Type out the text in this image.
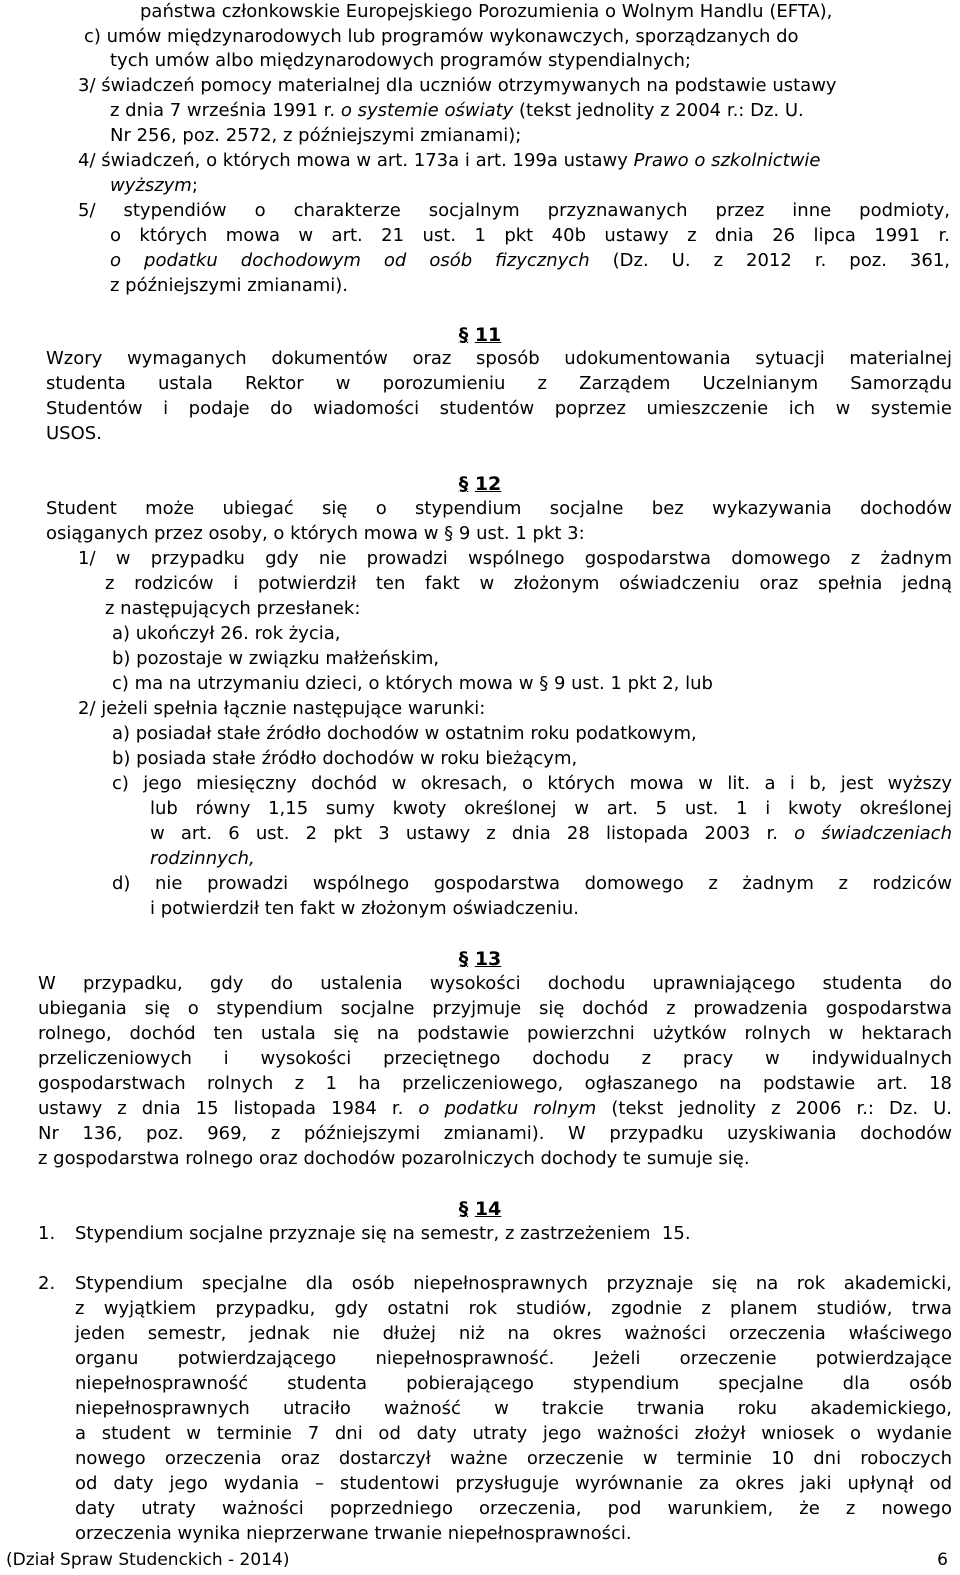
państwa członkowskie Europejskiego Porozumienia o Wolnym Handlu (EFTA),
c) umów międzynarodowych lub programów wykonawczych, sporządzanych do
tych umów albo międzynarodowych programów stypendialnych;
3/ świadczeń pomocy materialnej dla uczniów otrzymywanych na podstawie ustawy
z dnia 7 września 1991 r. o systemie oświaty (tekst jednolity z 2004 r.: Dz. U.
Nr 256, poz. 2572, z późniejszymi zmianami);
4/ świadczeń, o których mowa w art. 173a i art. 199a ustawy Prawo o szkolnictwie
wyższym;
5/ stypendiów o charakterze socjalnym przyznawanych przez inne podmioty,
o których mowa w art. 21 ust. 1 pkt 40b ustawy z dnia 26 lipca 1991 r.
o podatku dochodowym od osób fizycznych (Dz. U. z 2012 r. poz. 361,
z późniejszymi zmianami).
§ 11
Wzory wymaganych dokumentów oraz sposób udokumentowania sytuacji materialnej
studenta ustala Rektor w porozumieniu z Zarządem Uczelnianym Samorządu
Studentów i podaje do wiadomości studentów poprzez umieszczenie ich w systemie
USOS.
§ 12
Student może ubiegać się o stypendium socjalne bez wykazywania dochodów
osiąganych przez osoby, o których mowa w § 9 ust. 1 pkt 3:
1/ w przypadku gdy nie prowadzi wspólnego gospodarstwa domowego z żadnym
z rodziców i potwierdził ten fakt w złożonym oświadczeniu oraz spełnia jedną
z następujących przesłanek:
a) ukończył 26. rok życia,
b) pozostaje w związku małżeńskim,
c) ma na utrzymaniu dzieci, o których mowa w § 9 ust. 1 pkt 2, lub
2/ jeżeli spełnia łącznie następujące warunki:
a) posiadał stałe źródło dochodów w ostatnim roku podatkowym,
b) posiada stałe źródło dochodów w roku bieżącym,
c) jego miesięczny dochód w okresach, o których mowa w lit. a i b, jest wyższy
lub równy 1,15 sumy kwoty określonej w art. 5 ust. 1 i kwoty określonej
w art. 6 ust. 2 pkt 3 ustawy z dnia 28 listopada 2003 r. o świadczeniach
rodzinnych,
d) nie prowadzi wspólnego gospodarstwa domowego z żadnym z rodziców
i potwierdził ten fakt w złożonym oświadczeniu.
§ 13
W przypadku, gdy do ustalenia wysokości dochodu uprawniającego studenta do
ubiegania się o stypendium socjalne przyjmuje się dochód z prowadzenia gospodarstwa
rolnego, dochód ten ustala się na podstawie powierzchni użytków rolnych w hektarach
przeliczeniowych i wysokości przeciętnego dochodu z pracy w indywidualnych
gospodarstwach rolnych z 1 ha przeliczeniowego, ogłaszanego na podstawie art. 18
ustawy z dnia 15 listopada 1984 r. o podatku rolnym (tekst jednolity z 2006 r.: Dz. U.
Nr 136, poz. 969, z późniejszymi zmianami). W przypadku uzyskiwania dochodów
z gospodarstwa rolnego oraz dochodów pozarolniczych dochody te sumuje się.
§ 14
1. Stypendium socjalne przyznaje się na semestr, z zastrzeżeniem  15.
2. Stypendium specjalne dla osób niepełnosprawnych przyznaje się na rok akademicki,
z wyjątkiem przypadku, gdy ostatni rok studiów, zgodnie z planem studiów, trwa
jeden semestr, jednak nie dłużej niż na okres ważności orzeczenia właściwego
organu potwierdzającego niepełnosprawność. Jeżeli orzeczenie potwierdzające
niepełnosprawność studenta pobierającego stypendium specjalne dla osób
niepełnosprawnych utraciło ważność w trakcie trwania roku akademickiego,
a student w terminie 7 dni od daty utraty jego ważności złożył wniosek o wydanie
nowego orzeczenia oraz dostarczył ważne orzeczenie w terminie 10 dni roboczych
od daty jego wydania – studentowi przysługuje wyrównanie za okres jaki upłynął od
daty utraty ważności poprzedniego orzeczenia, pod warunkiem, że z nowego
orzeczenia wynika nieprzerwane trwanie niepełnosprawności.
(Dział Spraw Studenckich - 2014)	6
